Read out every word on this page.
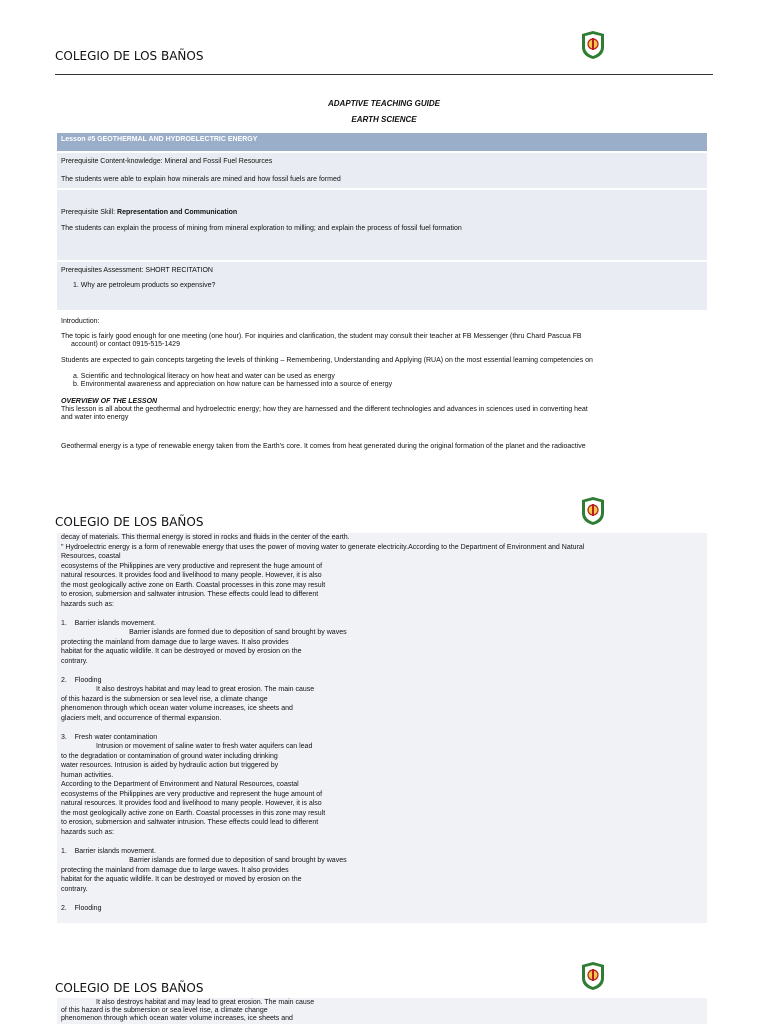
COLEGIO DE LOS BAÑOS
ADAPTIVE TEACHING GUIDE
EARTH SCIENCE
Lesson #5 GEOTHERMAL AND HYDROELECTRIC ENERGY
Prerequisite Content-knowledge: Mineral and Fossil Fuel Resources
The students were able to explain how minerals are mined and how fossil fuels are formed
Prerequisite Skill: Representation and Communication
The students can explain the process of mining from mineral exploration to milling; and explain the process of fossil fuel formation
Prerequisites Assessment: SHORT RECITATION
1. Why are petroleum products so expensive?
Introduction:
The topic is fairly good enough for one meeting (one hour). For inquiries and clarification, the student may consult their teacher at FB Messenger (thru Chard Pascua FB
account) or contact 0915-515-1429
Students are expected to gain concepts targeting the levels of thinking – Remembering, Understanding and Applying (RUA) on the most essential learning competencies on
a. Scientific and technological literacy on how heat and water can be used as energy
b. Environmental awareness and appreciation on how nature can be harnessed into a source of energy
OVERVIEW OF THE LESSON
This lesson is all about the geothermal and hydroelectric energy; how they are harnessed and the different technologies and advances in sciences used in converting heat
and water into energy
Geothermal energy is a type of renewable energy taken from the Earth's core. It comes from heat generated during the original formation of the planet and the radioactive
COLEGIO DE LOS BAÑOS
decay of materials. This thermal energy is stored in rocks and fluids in the center of the earth.
" Hydroelectric energy is a form of renewable energy that uses the power of moving water to generate electricity.According to the Department of Environment and Natural
Resources, coastal
ecosystems of the Philippines are very productive and represent the huge amount of
natural resources. It provides food and livelihood to many people. However, it is also
the most geologically active zone on Earth. Coastal processes in this zone may result
to erosion, submersion and saltwater intrusion. These effects could lead to different
hazards such as:
1.    Barrier islands movement.
Barrier islands are formed due to deposition of sand brought by waves
protecting the mainland from damage due to large waves. It also provides
habitat for the aquatic wildlife. It can be destroyed or moved by erosion on the
contrary.
2.    Flooding
It also destroys habitat and may lead to great erosion. The main cause
of this hazard is the submersion or sea level rise, a climate change
phenomenon through which ocean water volume increases, ice sheets and
glaciers melt, and occurrence of thermal expansion.
3.    Fresh water contamination
Intrusion or movement of saline water to fresh water aquifers can lead
to the degradation or contamination of ground water including drinking
water resources. Intrusion is aided by hydraulic action but triggered by
human activities.
According to the Department of Environment and Natural Resources, coastal
ecosystems of the Philippines are very productive and represent the huge amount of
natural resources. It provides food and livelihood to many people. However, it is also
the most geologically active zone on Earth. Coastal processes in this zone may result
to erosion, submersion and saltwater intrusion. These effects could lead to different
hazards such as:
1.    Barrier islands movement.
Barrier islands are formed due to deposition of sand brought by waves
protecting the mainland from damage due to large waves. It also provides
habitat for the aquatic wildlife. It can be destroyed or moved by erosion on the
contrary.
2.    Flooding
COLEGIO DE LOS BAÑOS
It also destroys habitat and may lead to great erosion. The main cause
of this hazard is the submersion or sea level rise, a climate change
phenomenon through which ocean water volume increases, ice sheets and
